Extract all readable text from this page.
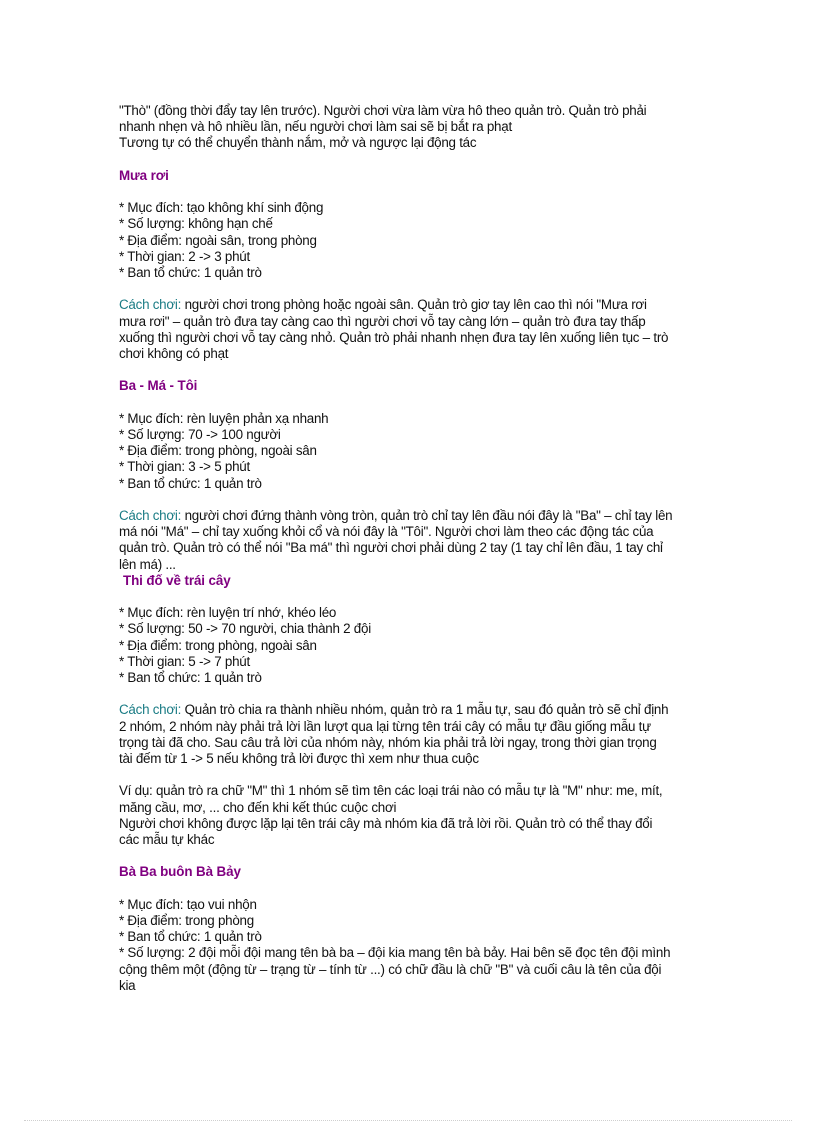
"Thò" (đồng thời đẩy tay lên trước). Người chơi vừa làm vừa hô theo quản trò. Quản trò phải

nhanh nhẹn và hô nhiều lần, nếu người chơi làm sai sẽ bị bắt ra phạt

Tương tự có thể chuyển thành nắm, mở và ngược lại động tác

Mưa rơi

* Mục đích: tạo không khí sinh động

* Số lượng: không hạn chế

* Địa điểm: ngoài sân, trong phòng

* Thời gian: 2 -> 3 phút

* Ban tổ chức: 1 quản trò

Cách chơi: người chơi trong phòng hoặc ngoài sân. Quản trò giơ tay lên cao thì nói "Mưa rơi

mưa rơi" – quản trò đưa tay càng cao thì người chơi vỗ tay càng lớn – quản trò đưa tay thấp

xuống thì người chơi vỗ tay càng nhỏ. Quản trò phải nhanh nhẹn đưa tay lên xuống liên tục – trò

chơi không có phạt

Ba - Má - Tôi

* Mục đích: rèn luyện phản xạ nhanh

* Số lượng: 70 -> 100 người

* Địa điểm: trong phòng, ngoài sân

* Thời gian: 3 -> 5 phút

* Ban tổ chức: 1 quản trò

Cách chơi: người chơi đứng thành vòng tròn, quản trò chỉ tay lên đầu nói đây là "Ba" – chỉ tay lên

má nói "Má" – chỉ tay xuống khỏi cổ và nói đây là "Tôi". Người chơi làm theo các động tác của

quản trò. Quản trò có thể nói "Ba má" thì người chơi phải dùng 2 tay (1 tay chỉ lên đầu, 1 tay chỉ

lên má) ...

Thi đố về trái cây

* Mục đích: rèn luyện trí nhớ, khéo léo

* Số lượng: 50 -> 70 người, chia thành 2 đội

* Địa điểm: trong phòng, ngoài sân

* Thời gian: 5 -> 7 phút

* Ban tổ chức: 1 quản trò

Cách chơi: Quản trò chia ra thành nhiều nhóm, quản trò ra 1 mẫu tự, sau đó quản trò sẽ chỉ định

2 nhóm, 2 nhóm này phải trả lời lần lượt qua lại từng tên trái cây có mẫu tự đầu giống mẫu tự

trọng tài đã cho. Sau câu trả lời của nhóm này, nhóm kia phải trả lời ngay, trong thời gian trọng

tài đếm từ 1 -> 5 nếu không trả lời được thì xem như thua cuộc

Ví dụ: quản trò ra chữ "M" thì 1 nhóm sẽ tìm tên các loại trái nào có mẫu tự là "M" như: me, mít,

măng cầu, mơ, ... cho đến khi kết thúc cuộc chơi

Người chơi không được lặp lại tên trái cây mà nhóm kia đã trả lời rồi. Quản trò có thể thay đổi

các mẫu tự khác

Bà Ba buôn Bà Bảy

* Mục đích: tạo vui nhộn

* Địa điểm: trong phòng

* Ban tổ chức: 1 quản trò

* Số lượng: 2 đội mỗi đội mang tên bà ba – đội kia mang tên bà bảy. Hai bên sẽ đọc tên đội mình

cộng thêm một (động từ – trạng từ – tính từ ...) có chữ đầu là chữ "B" và cuối câu là tên của đội

kia
